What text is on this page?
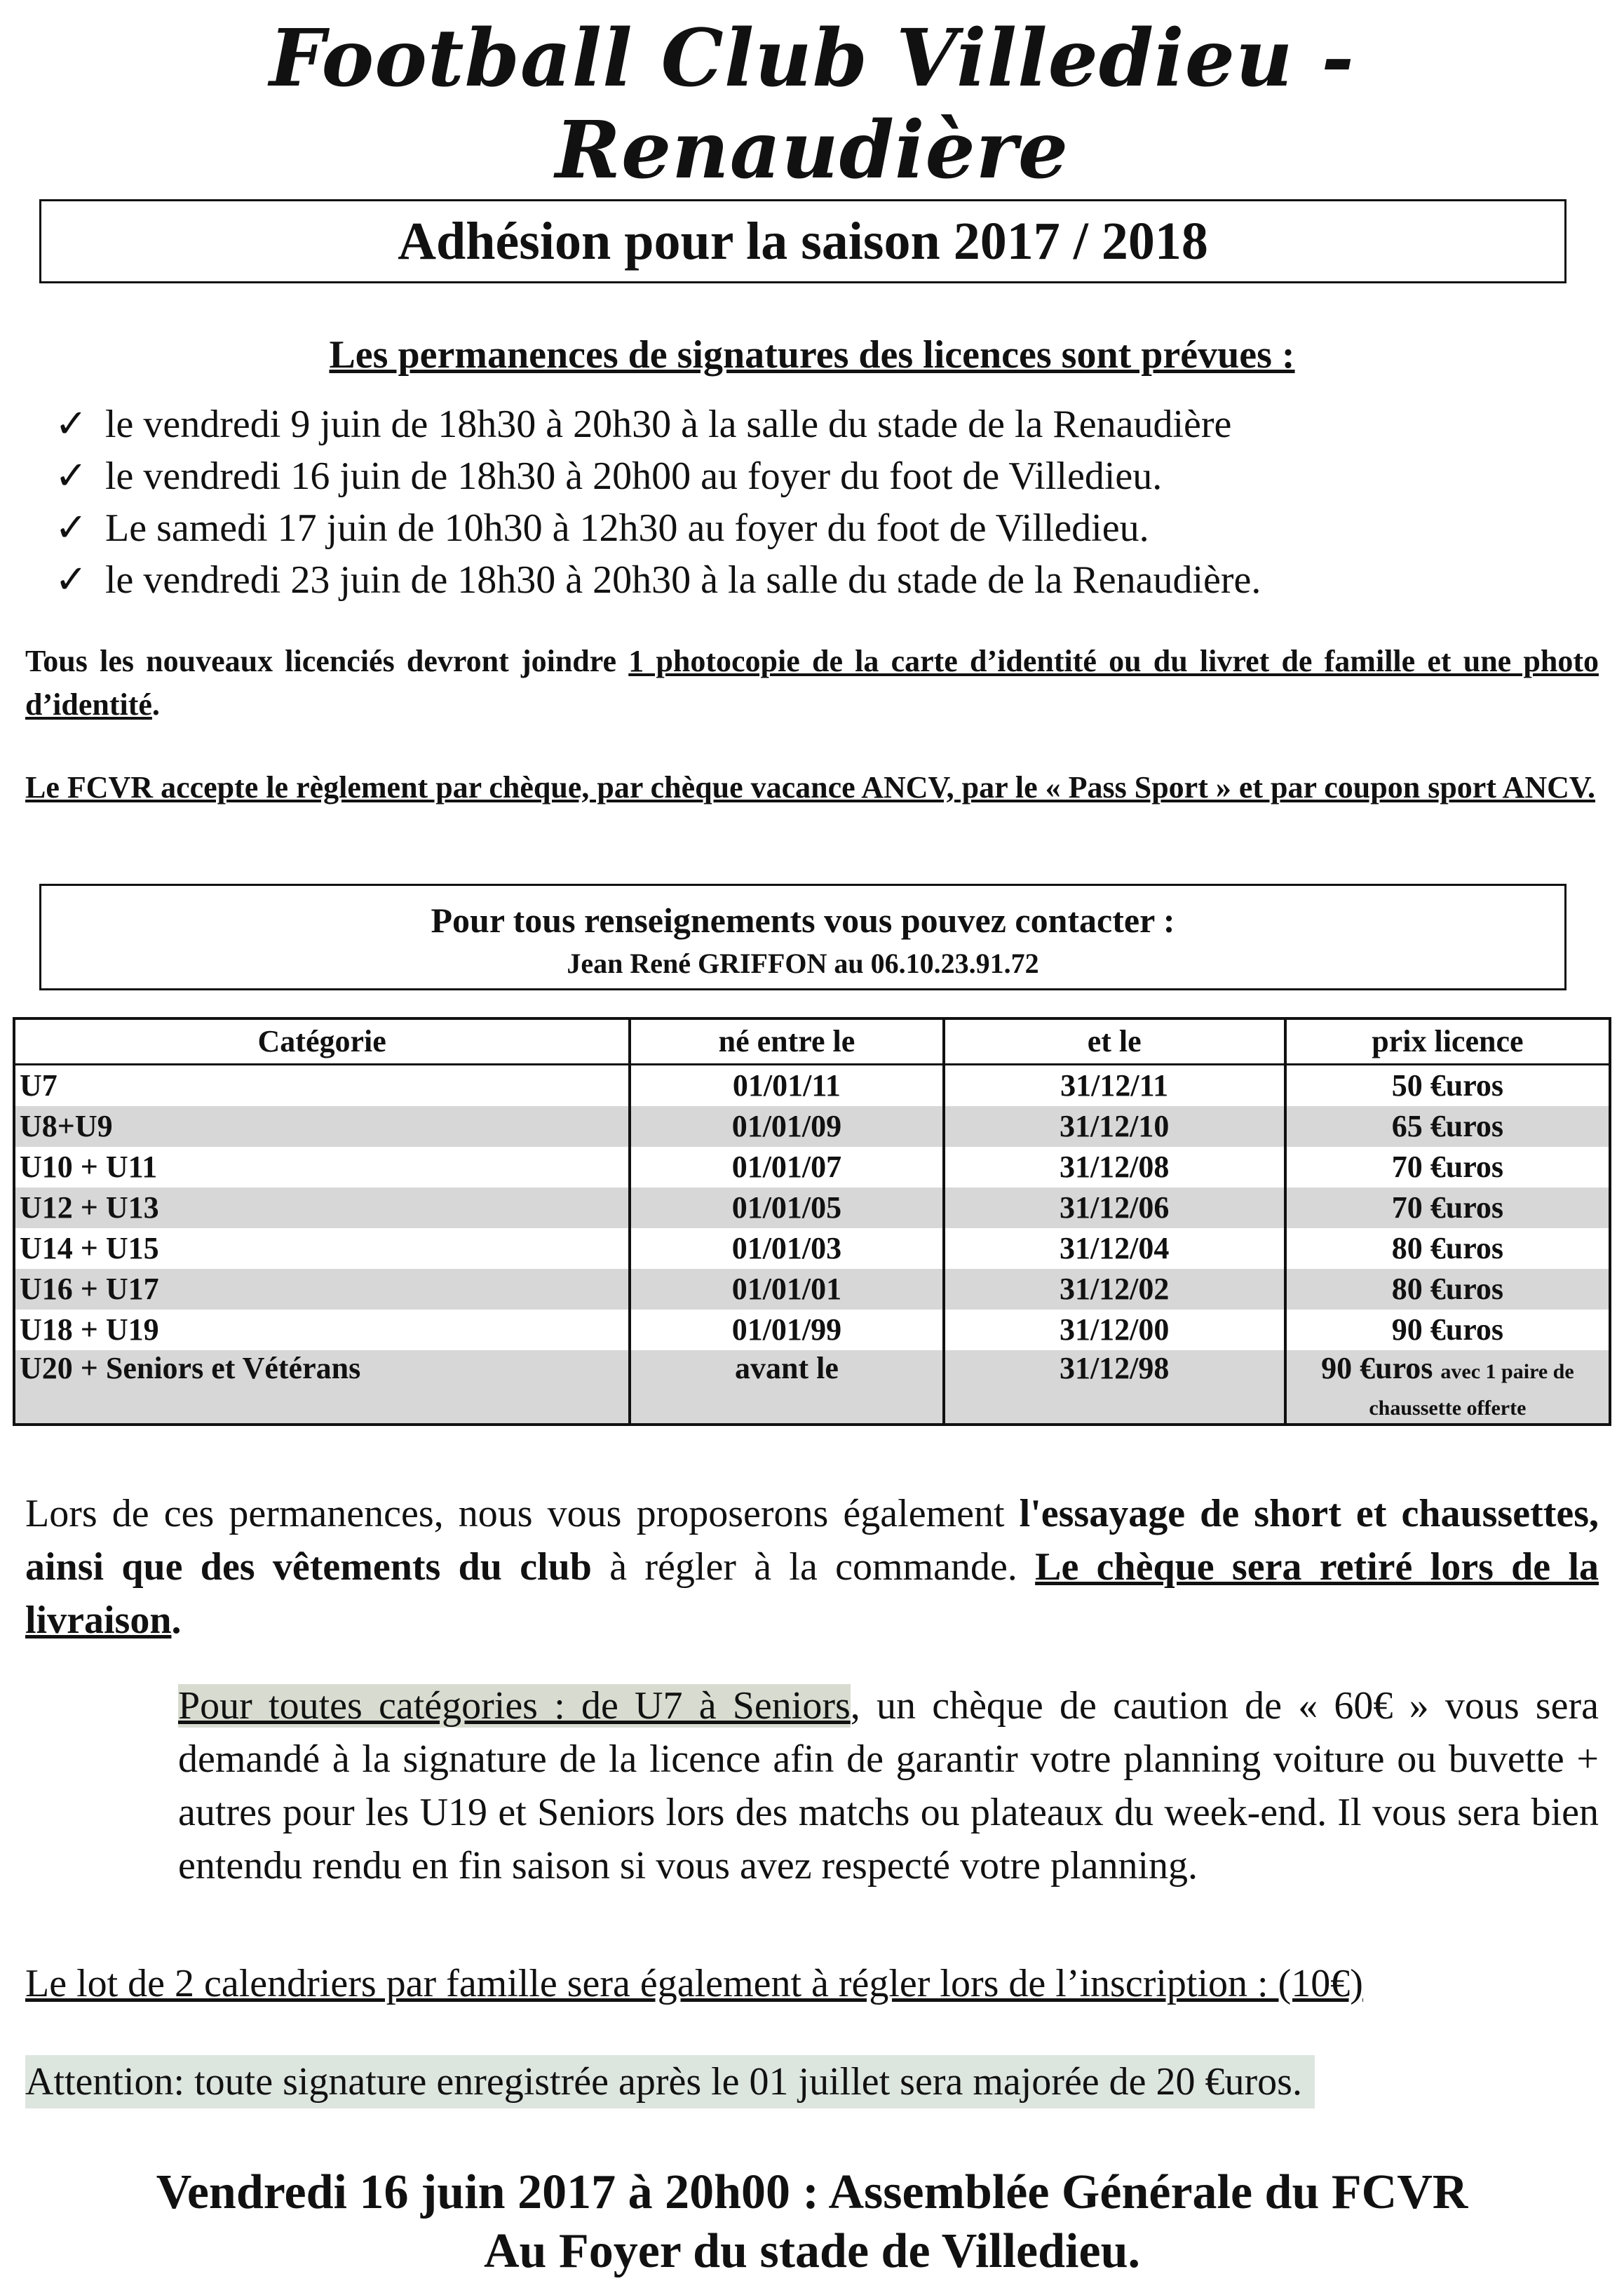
Football Club Villedieu - Renaudière
Adhésion pour la saison 2017 / 2018
Les permanences de signatures des licences sont prévues :
✓ le vendredi 9 juin de 18h30 à 20h30 à la salle du stade de la Renaudière
✓ le vendredi 16 juin de 18h30 à 20h00 au foyer du foot de Villedieu.
✓ Le samedi 17 juin de 10h30 à 12h30 au foyer du foot de Villedieu.
✓ le vendredi 23 juin de 18h30 à 20h30 à la salle du stade de la Renaudière.
Tous les nouveaux licenciés devront joindre 1 photocopie de la carte d’identité ou du livret de famille et une photo d’identité.
Le FCVR accepte le règlement par chèque, par chèque vacance ANCV, par le « Pass Sport » et par coupon sport ANCV.
Pour tous renseignements vous pouvez contacter :
Jean René GRIFFON au 06.10.23.91.72
Catégorie	né entre le	et le	prix licence
U7	01/01/11	31/12/11	50 €uros
U8+U9	01/01/09	31/12/10	65 €uros
U10 + U11	01/01/07	31/12/08	70 €uros
U12 + U13	01/01/05	31/12/06	70 €uros
U14 + U15	01/01/03	31/12/04	80 €uros
U16 + U17	01/01/01	31/12/02	80 €uros
U18 + U19	01/01/99	31/12/00	90 €uros
U20 + Seniors et Vétérans	avant le	31/12/98	90 €uros avec 1 paire de
chaussette offerte
Lors de ces permanences, nous vous proposerons également l'essayage de short et chaussettes, ainsi que des vêtements du club à régler à la commande. Le chèque sera retiré lors de la livraison.
Pour toutes catégories : de U7 à Seniors, un chèque de caution de « 60€ » vous sera demandé à la signature de la licence afin de garantir votre planning voiture ou buvette + autres pour les U19 et Seniors lors des matchs ou plateaux du week-end. Il vous sera bien entendu rendu en fin saison si vous avez respecté votre planning.
Le lot de 2 calendriers par famille sera également à régler lors de l’inscription : (10€)
Attention: toute signature enregistrée après le 01 juillet sera majorée de 20 €uros.
Vendredi 16 juin 2017 à 20h00 : Assemblée Générale du FCVR
Au Foyer du stade de Villedieu.
